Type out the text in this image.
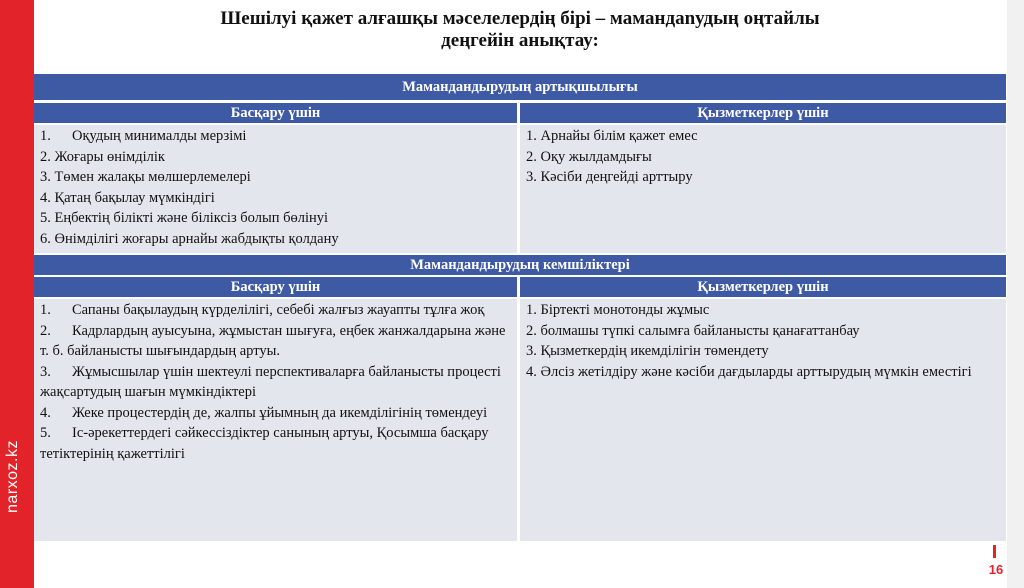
narxoz.kz
Шешілуі қажет алғашқы мәселелердің бірі – мамандanудың оңтайлы
деңгейін анықтау:
Мамандандырудың артықшылығы
Басқару үшін	Қызметкерлер үшін

1. Оқудың минималды мерзімі

2. Жоғары өнімділік

3. Төмен жалақы мөлшерлемелері

4. Қатаң бақылау мүмкіндігі

5. Еңбектің білікті және біліксіз болып бөлінуі

6. Өнімділігі жоғары арнайы жабдықты қолдану

1. Арнайы білім қажет емес

2. Оқу жылдамдығы

3. Кәсіби деңгейді арттыру

Мамандандырудың кемшіліктері
Басқару үшін	Қызметкерлер үшін

1. Сапаны бақылаудың күрделілігі, себебі жалғыз жауапты тұлға жоқ

2. Кадрлардың ауысуына, жұмыстан шығуға, еңбек жанжалдарына және т. б. байланысты шығындардың артуы.

3. Жұмысшылар үшін шектеулі перспективаларға байланысты процесті жақсартудың шағын мүмкіндіктері

4. Жеке процестердің де, жалпы ұйымның да икемділігінің төмендеуі

5. Іс-әрекеттердегі сәйкессіздіктер санының артуы, Қосымша басқару тетіктерінің қажеттілігі

1. Біртекті монотонды жұмыс

2. болмашы түпкі салымға байланысты қанағаттанбау

3. Қызметкердің икемділігін төмендету

4. Әлсіз жетілдіру және кәсіби дағдыларды арттырудың мүмкін еместігі

16
